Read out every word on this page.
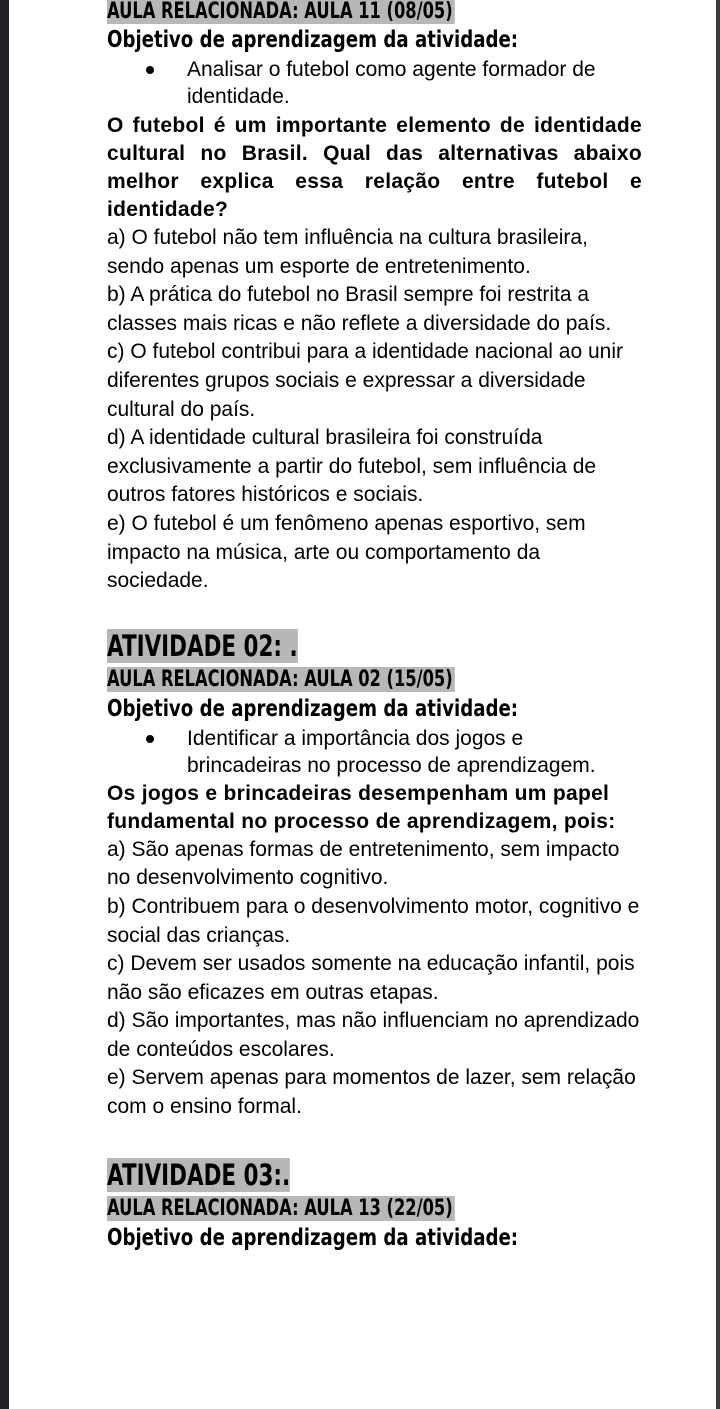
AULA RELACIONADA: AULA 11 (08/05)
Objetivo de aprendizagem da atividade:
Analisar o futebol como agente formador de identidade.
O futebol é um importante elemento de identidade cultural no Brasil. Qual das alternativas abaixo melhor explica essa relação entre futebol e identidade?
a) O futebol não tem influência na cultura brasileira, sendo apenas um esporte de entretenimento.
b) A prática do futebol no Brasil sempre foi restrita a classes mais ricas e não reflete a diversidade do país.
c) O futebol contribui para a identidade nacional ao unir diferentes grupos sociais e expressar a diversidade cultural do país.
d) A identidade cultural brasileira foi construída exclusivamente a partir do futebol, sem influência de outros fatores históricos e sociais.
e) O futebol é um fenômeno apenas esportivo, sem impacto na música, arte ou comportamento da sociedade.
ATIVIDADE 02: .
AULA RELACIONADA: AULA 02 (15/05)
Objetivo de aprendizagem da atividade:
Identificar a importância dos jogos e brincadeiras no processo de aprendizagem.
Os jogos e brincadeiras desempenham um papel fundamental no processo de aprendizagem, pois:
a) São apenas formas de entretenimento, sem impacto no desenvolvimento cognitivo.
b) Contribuem para o desenvolvimento motor, cognitivo e social das crianças.
c) Devem ser usados somente na educação infantil, pois não são eficazes em outras etapas.
d) São importantes, mas não influenciam no aprendizado de conteúdos escolares.
e) Servem apenas para momentos de lazer, sem relação com o ensino formal.
ATIVIDADE 03:.
AULA RELACIONADA: AULA 13 (22/05)
Objetivo de aprendizagem da atividade:
